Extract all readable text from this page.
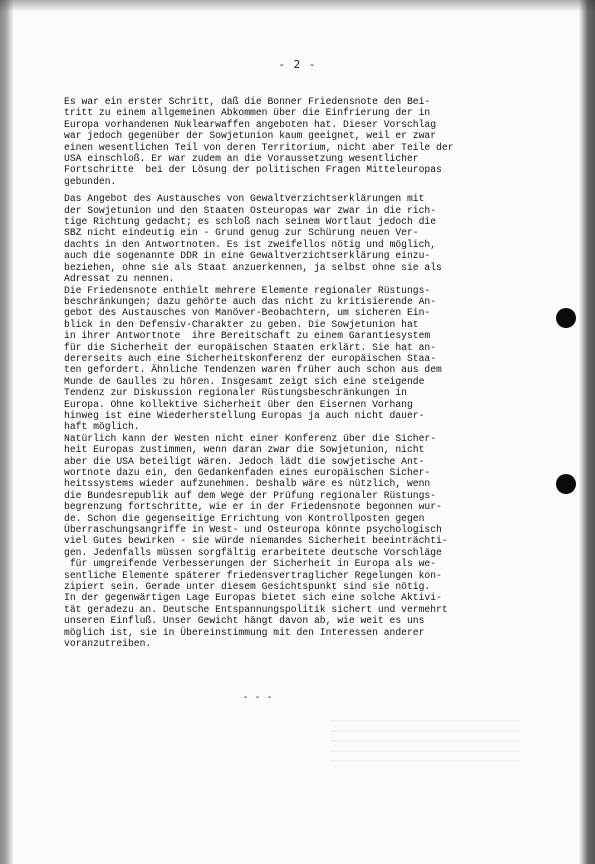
- 2 -
Es war ein erster Schritt, daß die Bonner Friedensnote den Bei-
tritt zu einem allgemeinen Abkommen über die Einfrierung der in
Europa vorhandenen Nuklearwaffen angeboten hat. Dieser Vorschlag
war jedoch gegenüber der Sowjetunion kaum geeignet, weil er zwar
einen wesentlichen Teil von deren Territorium, nicht aber Teile der
USA einschloß. Er war zudem an die Voraussetzung wesentlicher
Fortschritte  bei der Lösung der politischen Fragen Mitteleuropas
gebunden.
Das Angebot des Austausches von Gewaltverzichtserklärungen mit
der Sowjetunion und den Staaten Osteuropas war zwar in die rich-
tige Richtung gedacht; es schloß nach seinem Wortlaut jedoch die
SBZ nicht eindeutig ein - Grund genug zur Schürung neuen Ver-
dachts in den Antwortnoten. Es ist zweifellos nötig und möglich,
auch die sogenannte DDR in eine Gewaltverzichtserklärung einzu-
beziehen, ohne sie als Staat anzuerkennen, ja selbst ohne sie als
Adressat zu nennen.
Die Friedensnote enthielt mehrere Elemente regionaler Rüstungs-
beschränkungen; dazu gehörte auch das nicht zu kritisierende An-
gebot des Austausches von Manöver-Beobachtern, um sicheren Ein-
blick in den Defensiv-Charakter zu geben. Die Sowjetunion hat
in ihrer Antwortnote  ihre Bereitschaft zu einem Garantiesystem
für die Sicherheit der europäischen Staaten erklärt. Sie hat an-
dererseits auch eine Sicherheitskonferenz der europäischen Staa-
ten gefordert. Ähnliche Tendenzen waren früher auch schon aus dem
Munde de Gaulles zu hören. Insgesamt zeigt sich eine steigende
Tendenz zur Diskussion regionaler Rüstungsbeschränkungen in
Europa. Ohne kollektive Sicherheit über den Eisernen Vorhang
hinweg ist eine Wiederherstellung Europas ja auch nicht dauer-
haft möglich.
Natürlich kann der Westen nicht einer Konferenz über die Sicher-
heit Europas zustimmen, wenn daran zwar die Sowjetunion, nicht
aber die USA beteiligt wären. Jedoch lädt die sowjetische Ant-
wortnote dazu ein, den Gedankenfaden eines europäischen Sicher-
heitssystems wieder aufzunehmen. Deshalb wäre es nützlich, wenn
die Bundesrepublik auf dem Wege der Prüfung regionaler Rüstungs-
begrenzung fortschritte, wie er in der Friedensnote begonnen wur-
de. Schon die gegenseitige Errichtung von Kontrollposten gegen
Überraschungsangriffe in West- und Osteuropa könnte psychologisch
viel Gutes bewirken - sie würde niemandes Sicherheit beeinträchti-
gen. Jedenfalls müssen sorgfältig erarbeitete deutsche Vorschläge
für umgreifende Verbesserungen der Sicherheit in Europa als we-
sentliche Elemente späterer friedensvertraglicher Regelungen kon-
zipiert sein. Gerade unter diesem Gesichtspunkt sind sie nötig.
In der gegenwärtigen Lage Europas bietet sich eine solche Aktivi-
tät geradezu an. Deutsche Entspannungspolitik sichert und vermehrt
unseren Einfluß. Unser Gewicht hängt davon ab, wie weit es uns
möglich ist, sie in Übereinstimmung mit den Interessen anderer
voranzutreiben.
- - -
